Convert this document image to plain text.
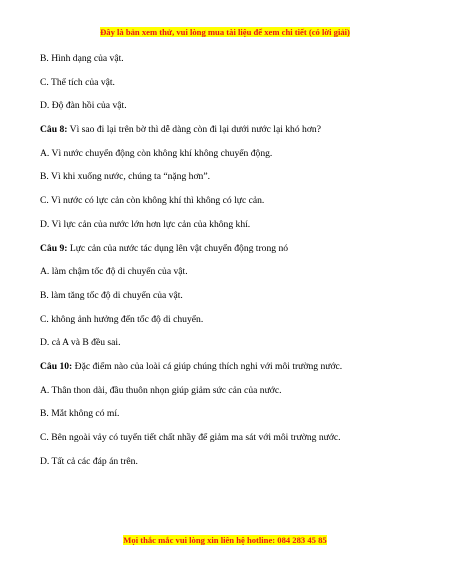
Đây là bản xem thử, vui lòng mua tài liệu để xem chi tiết (có lời giải)
B. Hình dạng của vật.
C. Thể tích của vật.
D. Độ đàn hồi của vật.
Câu 8: Vì sao đi lại trên bờ thì dễ dàng còn đi lại dưới nước lại khó hơn?
A. Vì nước chuyển động còn không khí không chuyển động.
B. Vì khi xuống nước, chúng ta “nặng hơn”.
C. Vì nước có lực cản còn không khí thì không có lực cản.
D. Vì lực cản của nước lớn hơn lực cản của không khí.
Câu 9: Lực cản của nước tác dụng lên vật chuyển động trong nó
A. làm chậm tốc độ di chuyển của vật.
B. làm tăng tốc độ di chuyển của vật.
C. không ảnh hưởng đến tốc độ di chuyển.
D. cả A và B đều sai.
Câu 10: Đặc điểm nào của loài cá giúp chúng thích nghi với môi trường nước.
A. Thân thon dài, đầu thuôn nhọn giúp giảm sức cản của nước.
B. Mắt không có mí.
C. Bên ngoài vảy có tuyến tiết chất nhầy để giảm ma sát với môi trường nước.
D. Tất cả các đáp án trên.
Mọi thắc mắc vui lòng xin liên hệ hotline: 084 283 45 85
